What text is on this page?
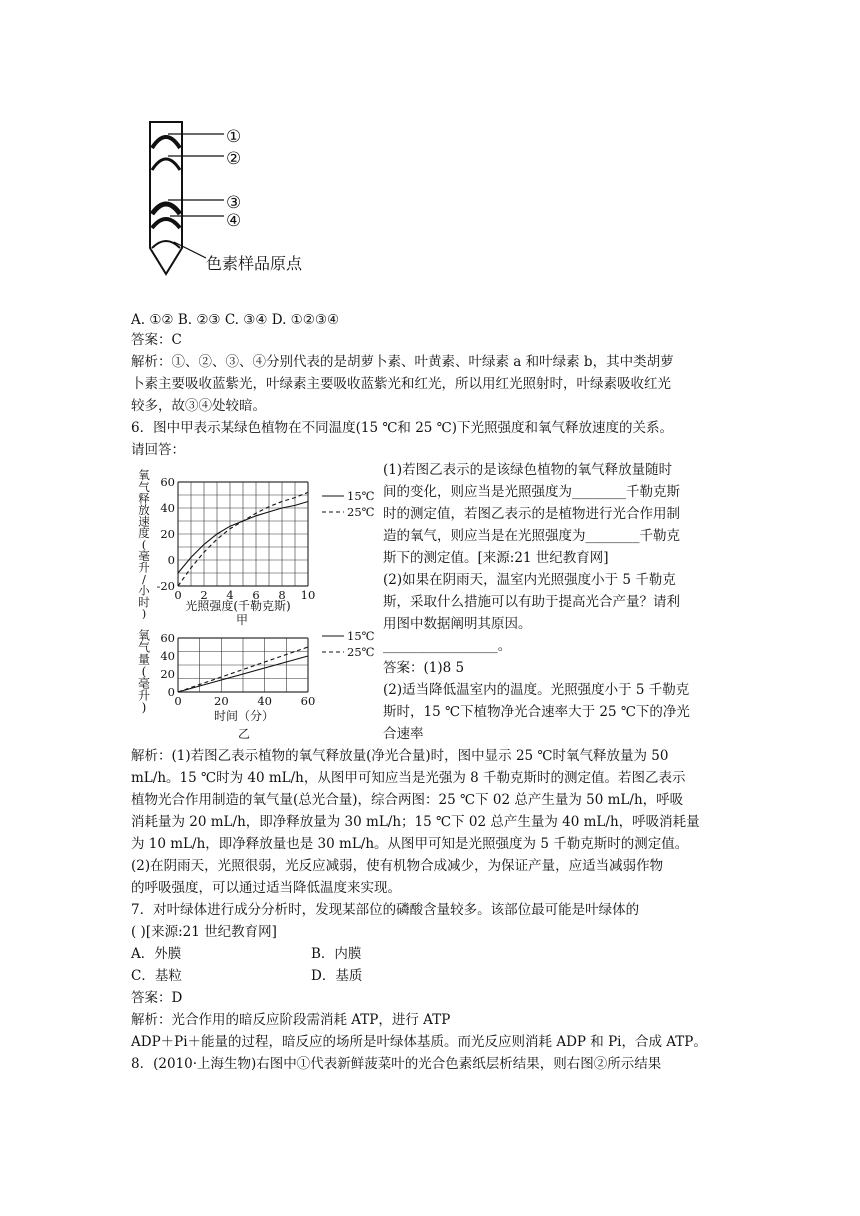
①
②
③
④
色素样品原点
A. ①② B. ②③ C. ③④ D. ①②③④
答案：C
解析：①、②、③、④分别代表的是胡萝卜素、叶黄素、叶绿素 a 和叶绿素 b，其中类胡萝
卜素主要吸收蓝紫光，叶绿素主要吸收蓝紫光和红光，所以用红光照射时，叶绿素吸收红光
较多，故③④处较暗。
6．图中甲表示某绿色植物在不同温度(15 ℃和 25 ℃)下光照强度和氧气释放速度的关系。
请回答：
氧
气
释
放
速
度
(
毫
升
/
小
时
)
-20
0
20
40
60
0 2 4 6 8 10
15℃
25℃
光照强度(千勒克斯)
甲
氧
气
量
(
毫
升
)
0
20
40
60
0	20 40 60
15℃
25℃
时间（分）
乙
(1)若图乙表示的是该绿色植物的氧气释放量随时
间的变化，则应当是光照强度为________千勒克斯
时的测定值，若图乙表示的是植物进行光合作用制
造的氧气，则应当是在光照强度为________千勒克
斯下的测定值。[来源:21 世纪教育网]
(2)如果在阴雨天，温室内光照强度小于 5 千勒克
斯，采取什么措施可以有助于提高光合产量？请利
用图中数据阐明其原因。
_________________。
答案：(1)8 5
(2)适当降低温室内的温度。光照强度小于 5 千勒克
斯时，15 ℃下植物净光合速率大于 25 ℃下的净光
合速率
解析：(1)若图乙表示植物的氧气释放量(净光合量)时，图中显示 25 ℃时氧气释放量为 50
mL/h。15 ℃时为 40 mL/h，从图甲可知应当是光强为 8 千勒克斯时的测定值。若图乙表示
植物光合作用制造的氧气量(总光合量)，综合两图：25 ℃下 02 总产生量为 50 mL/h，呼吸
消耗量为 20 mL/h，即净释放量为 30 mL/h；15 ℃下 02 总产生量为 40 mL/h，呼吸消耗量
为 10 mL/h，即净释放量也是 30 mL/h。从图甲可知是光照强度为 5 千勒克斯时的测定值。
(2)在阴雨天，光照很弱，光反应减弱，使有机物合成减少，为保证产量，应适当减弱作物
的呼吸强度，可以通过适当降低温度来实现。
7．对叶绿体进行成分分析时，发现某部位的磷酸含量较多。该部位最可能是叶绿体的
( )[来源:21 世纪教育网]
A．外膜	B．内膜
C．基粒	D．基质
答案：D
解析：光合作用的暗反应阶段需消耗 ATP，进行 ATP
ADP＋Pi＋能量的过程，暗反应的场所是叶绿体基质。而光反应则消耗 ADP 和 Pi，合成 ATP。
8．(2010·上海生物)右图中①代表新鲜菠菜叶的光合色素纸层析结果，则右图②所示结果
